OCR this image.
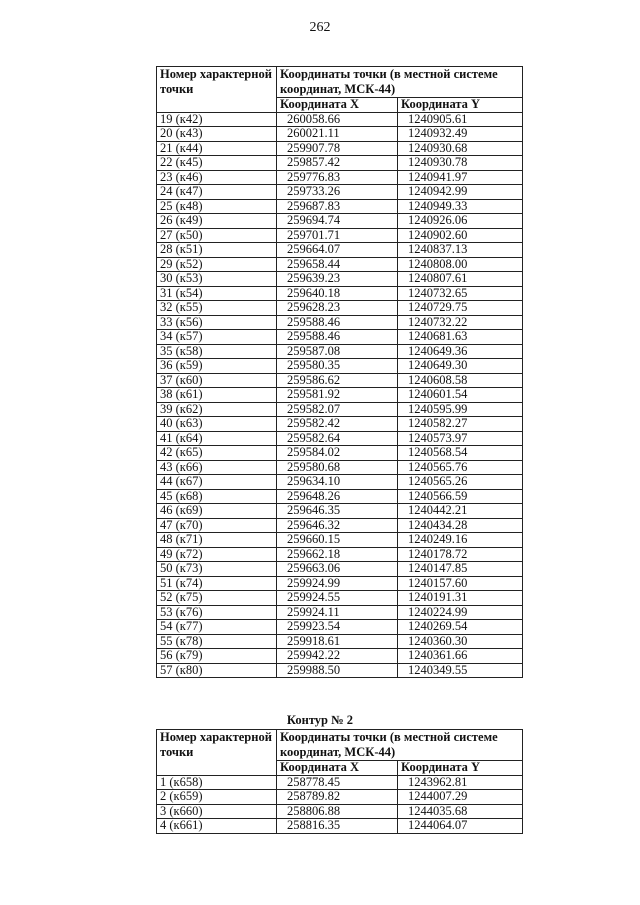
262
Номер характерной точки	Координаты точки (в местной системе координат, МСК-44)	
	Координата X	Координата Y
19 (к42)	260058.66	1240905.61
20 (к43)	260021.11	1240932.49
21 (к44)	259907.78	1240930.68
22 (к45)	259857.42	1240930.78
23 (к46)	259776.83	1240941.97
24 (к47)	259733.26	1240942.99
25 (к48)	259687.83	1240949.33
26 (к49)	259694.74	1240926.06
27 (к50)	259701.71	1240902.60
28 (к51)	259664.07	1240837.13
29 (к52)	259658.44	1240808.00
30 (к53)	259639.23	1240807.61
31 (к54)	259640.18	1240732.65
32 (к55)	259628.23	1240729.75
33 (к56)	259588.46	1240732.22
34 (к57)	259588.46	1240681.63
35 (к58)	259587.08	1240649.36
36 (к59)	259580.35	1240649.30
37 (к60)	259586.62	1240608.58
38 (к61)	259581.92	1240601.54
39 (к62)	259582.07	1240595.99
40 (к63)	259582.42	1240582.27
41 (к64)	259582.64	1240573.97
42 (к65)	259584.02	1240568.54
43 (к66)	259580.68	1240565.76
44 (к67)	259634.10	1240565.26
45 (к68)	259648.26	1240566.59
46 (к69)	259646.35	1240442.21
47 (к70)	259646.32	1240434.28
48 (к71)	259660.15	1240249.16
49 (к72)	259662.18	1240178.72
50 (к73)	259663.06	1240147.85
51 (к74)	259924.99	1240157.60
52 (к75)	259924.55	1240191.31
53 (к76)	259924.11	1240224.99
54 (к77)	259923.54	1240269.54
55 (к78)	259918.61	1240360.30
56 (к79)	259942.22	1240361.66
57 (к80)	259988.50	1240349.55
Контур № 2
Номер характерной точки	Координаты точки (в местной системе координат, МСК-44)	
	Координата X	Координата Y
1 (к658)	258778.45	1243962.81
2 (к659)	258789.82	1244007.29
3 (к660)	258806.88	1244035.68
4 (к661)	258816.35	1244064.07
